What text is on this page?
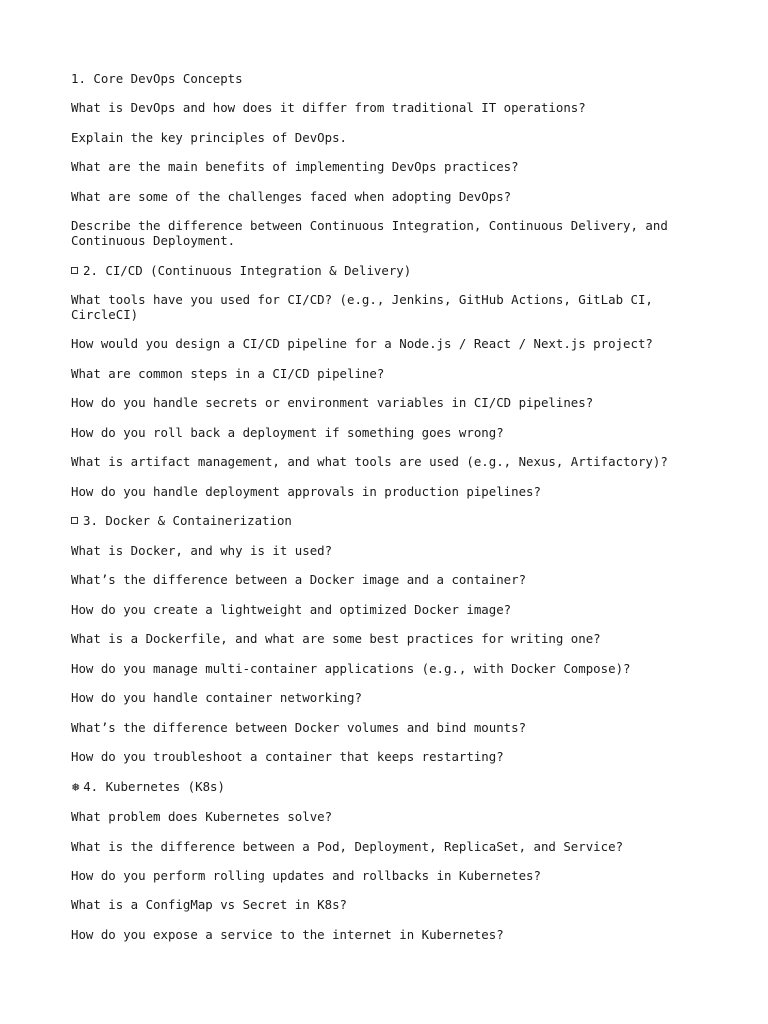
1. Core DevOps Concepts

What is DevOps and how does it differ from traditional IT operations?

Explain the key principles of DevOps.

What are the main benefits of implementing DevOps practices?

What are some of the challenges faced when adopting DevOps?

Describe the difference between Continuous Integration, Continuous Delivery, and Continuous Deployment.

2. CI/CD (Continuous Integration & Delivery)

What tools have you used for CI/CD? (e.g., Jenkins, GitHub Actions, GitLab CI, CircleCI)

How would you design a CI/CD pipeline for a Node.js / React / Next.js project?

What are common steps in a CI/CD pipeline?

How do you handle secrets or environment variables in CI/CD pipelines?

How do you roll back a deployment if something goes wrong?

What is artifact management, and what tools are used (e.g., Nexus, Artifactory)?

How do you handle deployment approvals in production pipelines?

3. Docker & Containerization

What is Docker, and why is it used?

What’s the difference between a Docker image and a container?

How do you create a lightweight and optimized Docker image?

What is a Dockerfile, and what are some best practices for writing one?

How do you manage multi-container applications (e.g., with Docker Compose)?

How do you handle container networking?

What’s the difference between Docker volumes and bind mounts?

How do you troubleshoot a container that keeps restarting?

❅ 4. Kubernetes (K8s)

What problem does Kubernetes solve?

What is the difference between a Pod, Deployment, ReplicaSet, and Service?

How do you perform rolling updates and rollbacks in Kubernetes?

What is a ConfigMap vs Secret in K8s?

How do you expose a service to the internet in Kubernetes?
